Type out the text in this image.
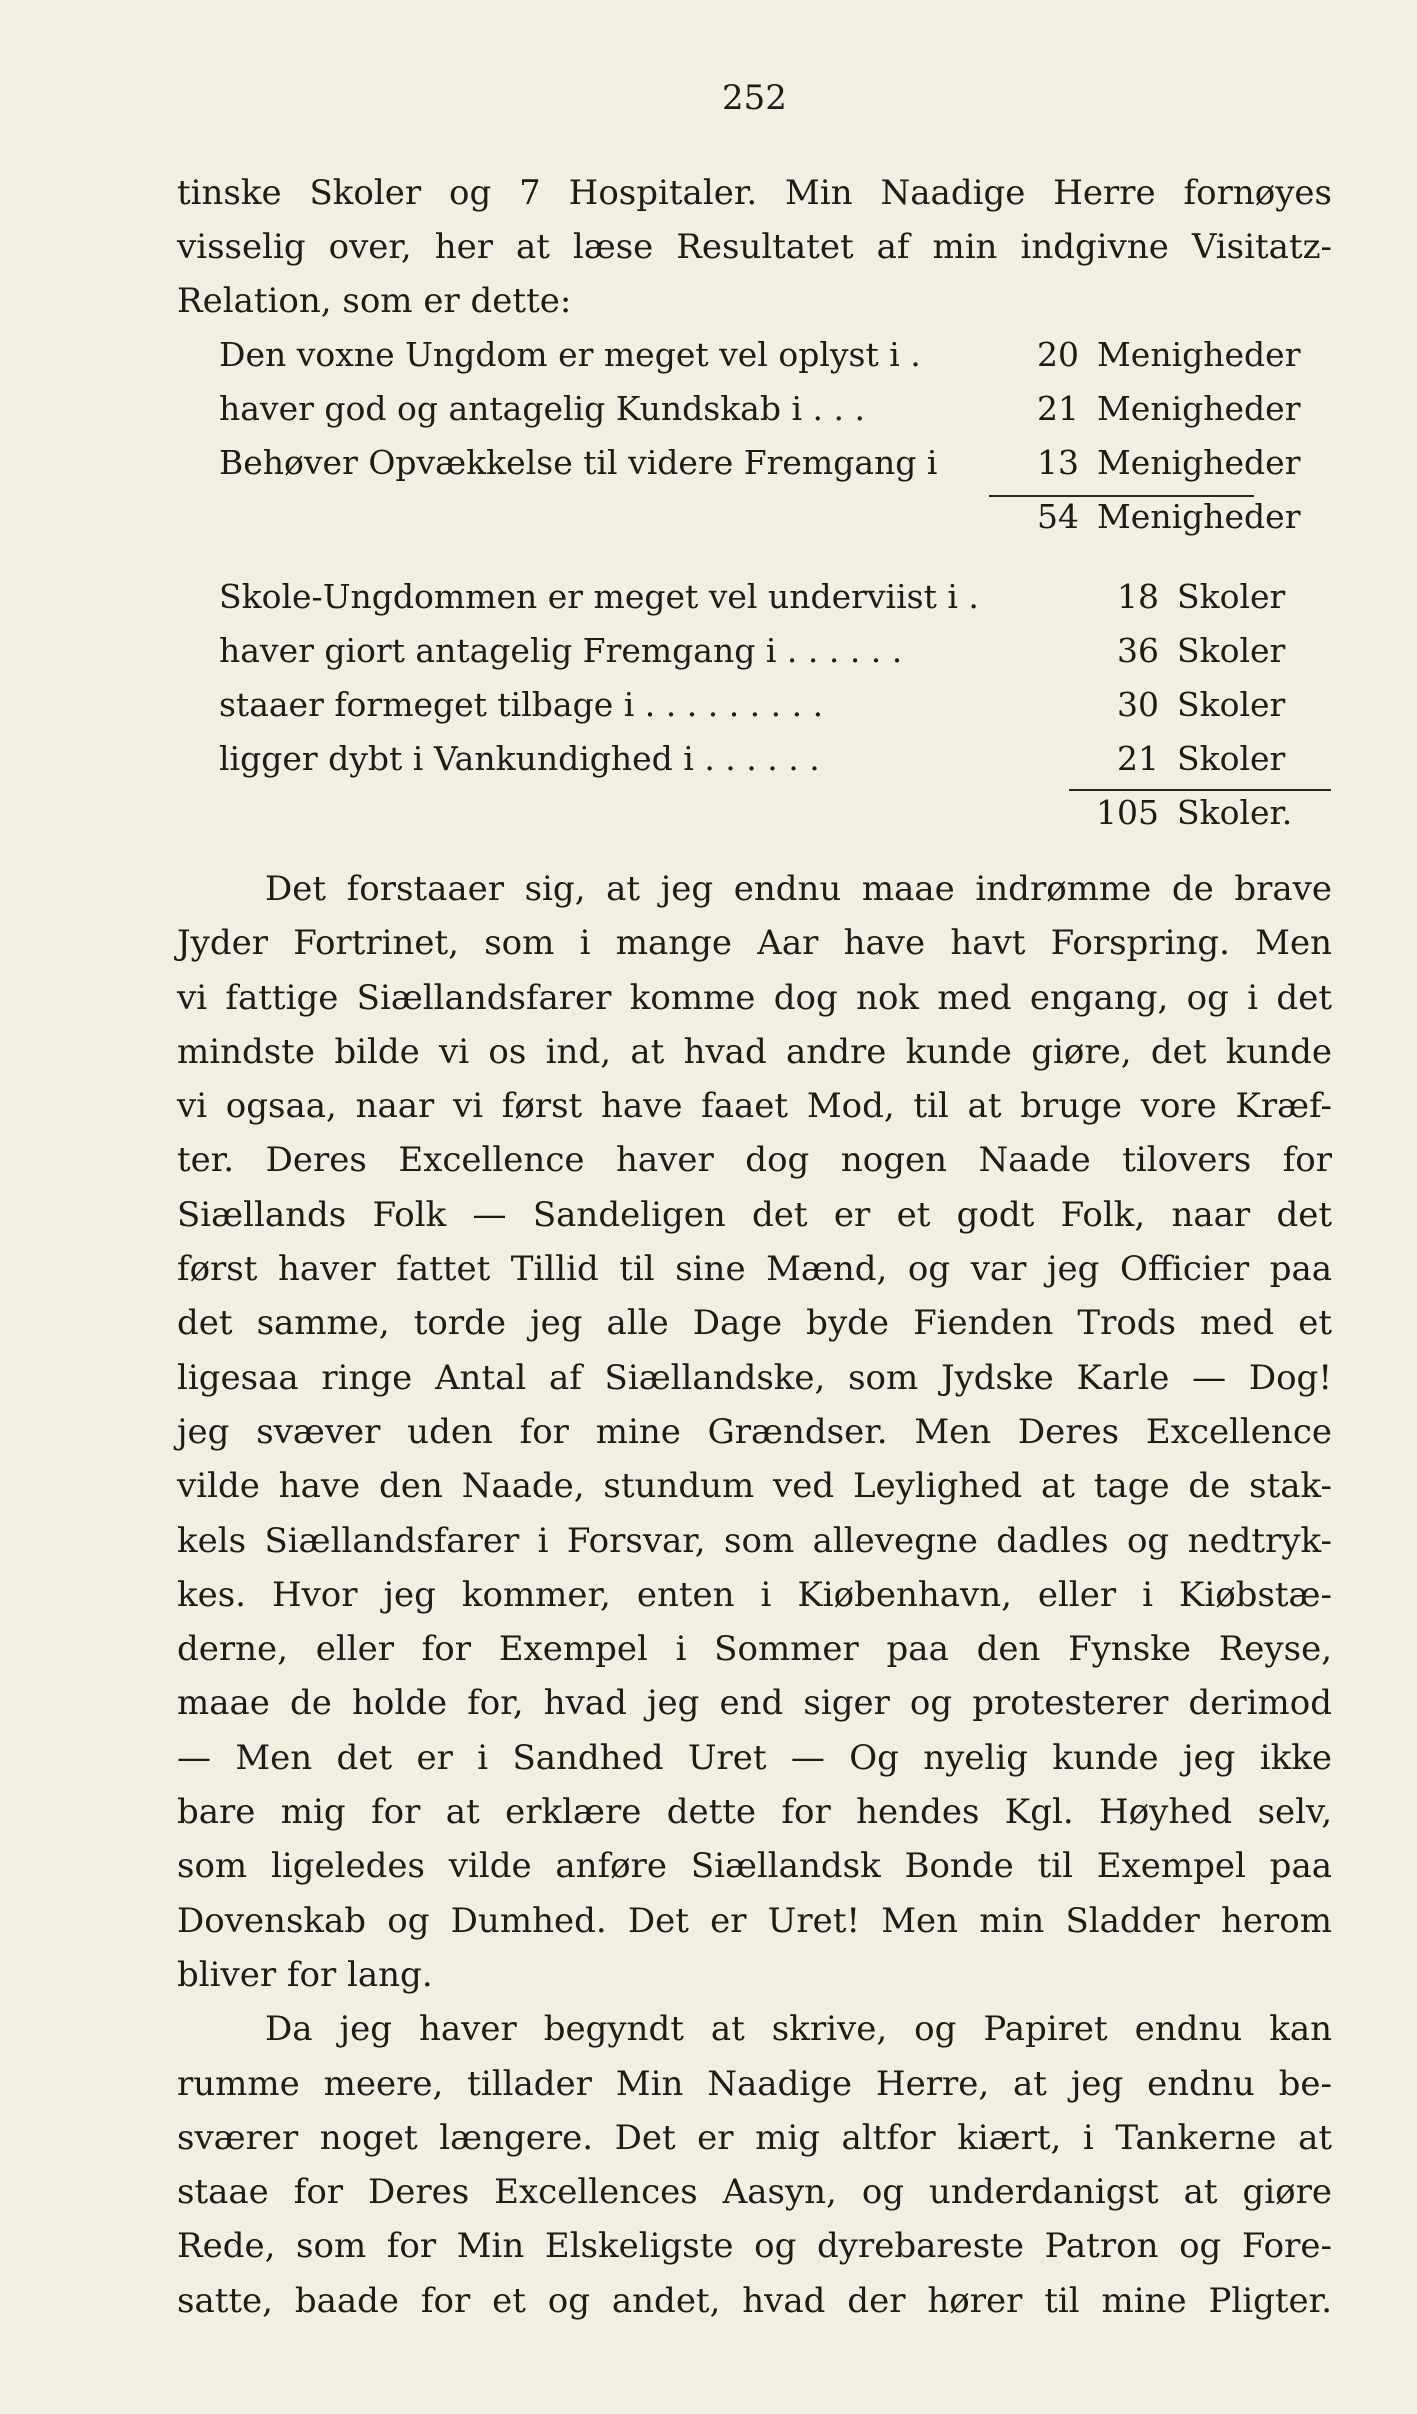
252
tinske Skoler og 7 Hospitaler. Min Naadige Herre fornøyes
visselig over, her at læse Resultatet af min indgivne Visitatz-
Relation, som er dette:
Den voxne Ungdom er meget vel oplyst i .	20 Menigheder
haver god og antagelig Kundskab i . . .	21 Menigheder
Behøver Opvækkelse til videre Fremgang i	13 Menigheder
54 Menigheder
Skole-Ungdommen er meget vel underviist i .	18 Skoler
haver giort antagelig Fremgang i . . . . . .	36 Skoler
staaer formeget tilbage i . . . . . . . . .	30 Skoler
ligger dybt i Vankundighed i . . . . . .	21 Skoler
105 Skoler.
Det forstaaer sig, at jeg endnu maae indrømme de brave
Jyder Fortrinet, som i mange Aar have havt Forspring. Men
vi fattige Siællandsfarer komme dog nok med engang, og i det
mindste bilde vi os ind, at hvad andre kunde giøre, det kunde
vi ogsaa, naar vi først have faaet Mod, til at bruge vore Kræf-
ter. Deres Excellence haver dog nogen Naade tilovers for
Siællands Folk — Sandeligen det er et godt Folk, naar det
først haver fattet Tillid til sine Mænd, og var jeg Officier paa
det samme, torde jeg alle Dage byde Fienden Trods med et
ligesaa ringe Antal af Siællandske, som Jydske Karle — Dog!
jeg svæver uden for mine Grændser. Men Deres Excellence
vilde have den Naade, stundum ved Leylighed at tage de stak-
kels Siællandsfarer i Forsvar, som allevegne dadles og nedtryk-
kes. Hvor jeg kommer, enten i Kiøbenhavn, eller i Kiøbstæ-
derne, eller for Exempel i Sommer paa den Fynske Reyse,
maae de holde for, hvad jeg end siger og protesterer derimod
— Men det er i Sandhed Uret — Og nyelig kunde jeg ikke
bare mig for at erklære dette for hendes Kgl. Høyhed selv,
som ligeledes vilde anføre Siællandsk Bonde til Exempel paa
Dovenskab og Dumhed. Det er Uret! Men min Sladder herom
bliver for lang.
Da jeg haver begyndt at skrive, og Papiret endnu kan
rumme meere, tillader Min Naadige Herre, at jeg endnu be-
sværer noget længere. Det er mig altfor kiært, i Tankerne at
staae for Deres Excellences Aasyn, og underdanigst at giøre
Rede, som for Min Elskeligste og dyrebareste Patron og Fore-
satte, baade for et og andet, hvad der hører til mine Pligter.
